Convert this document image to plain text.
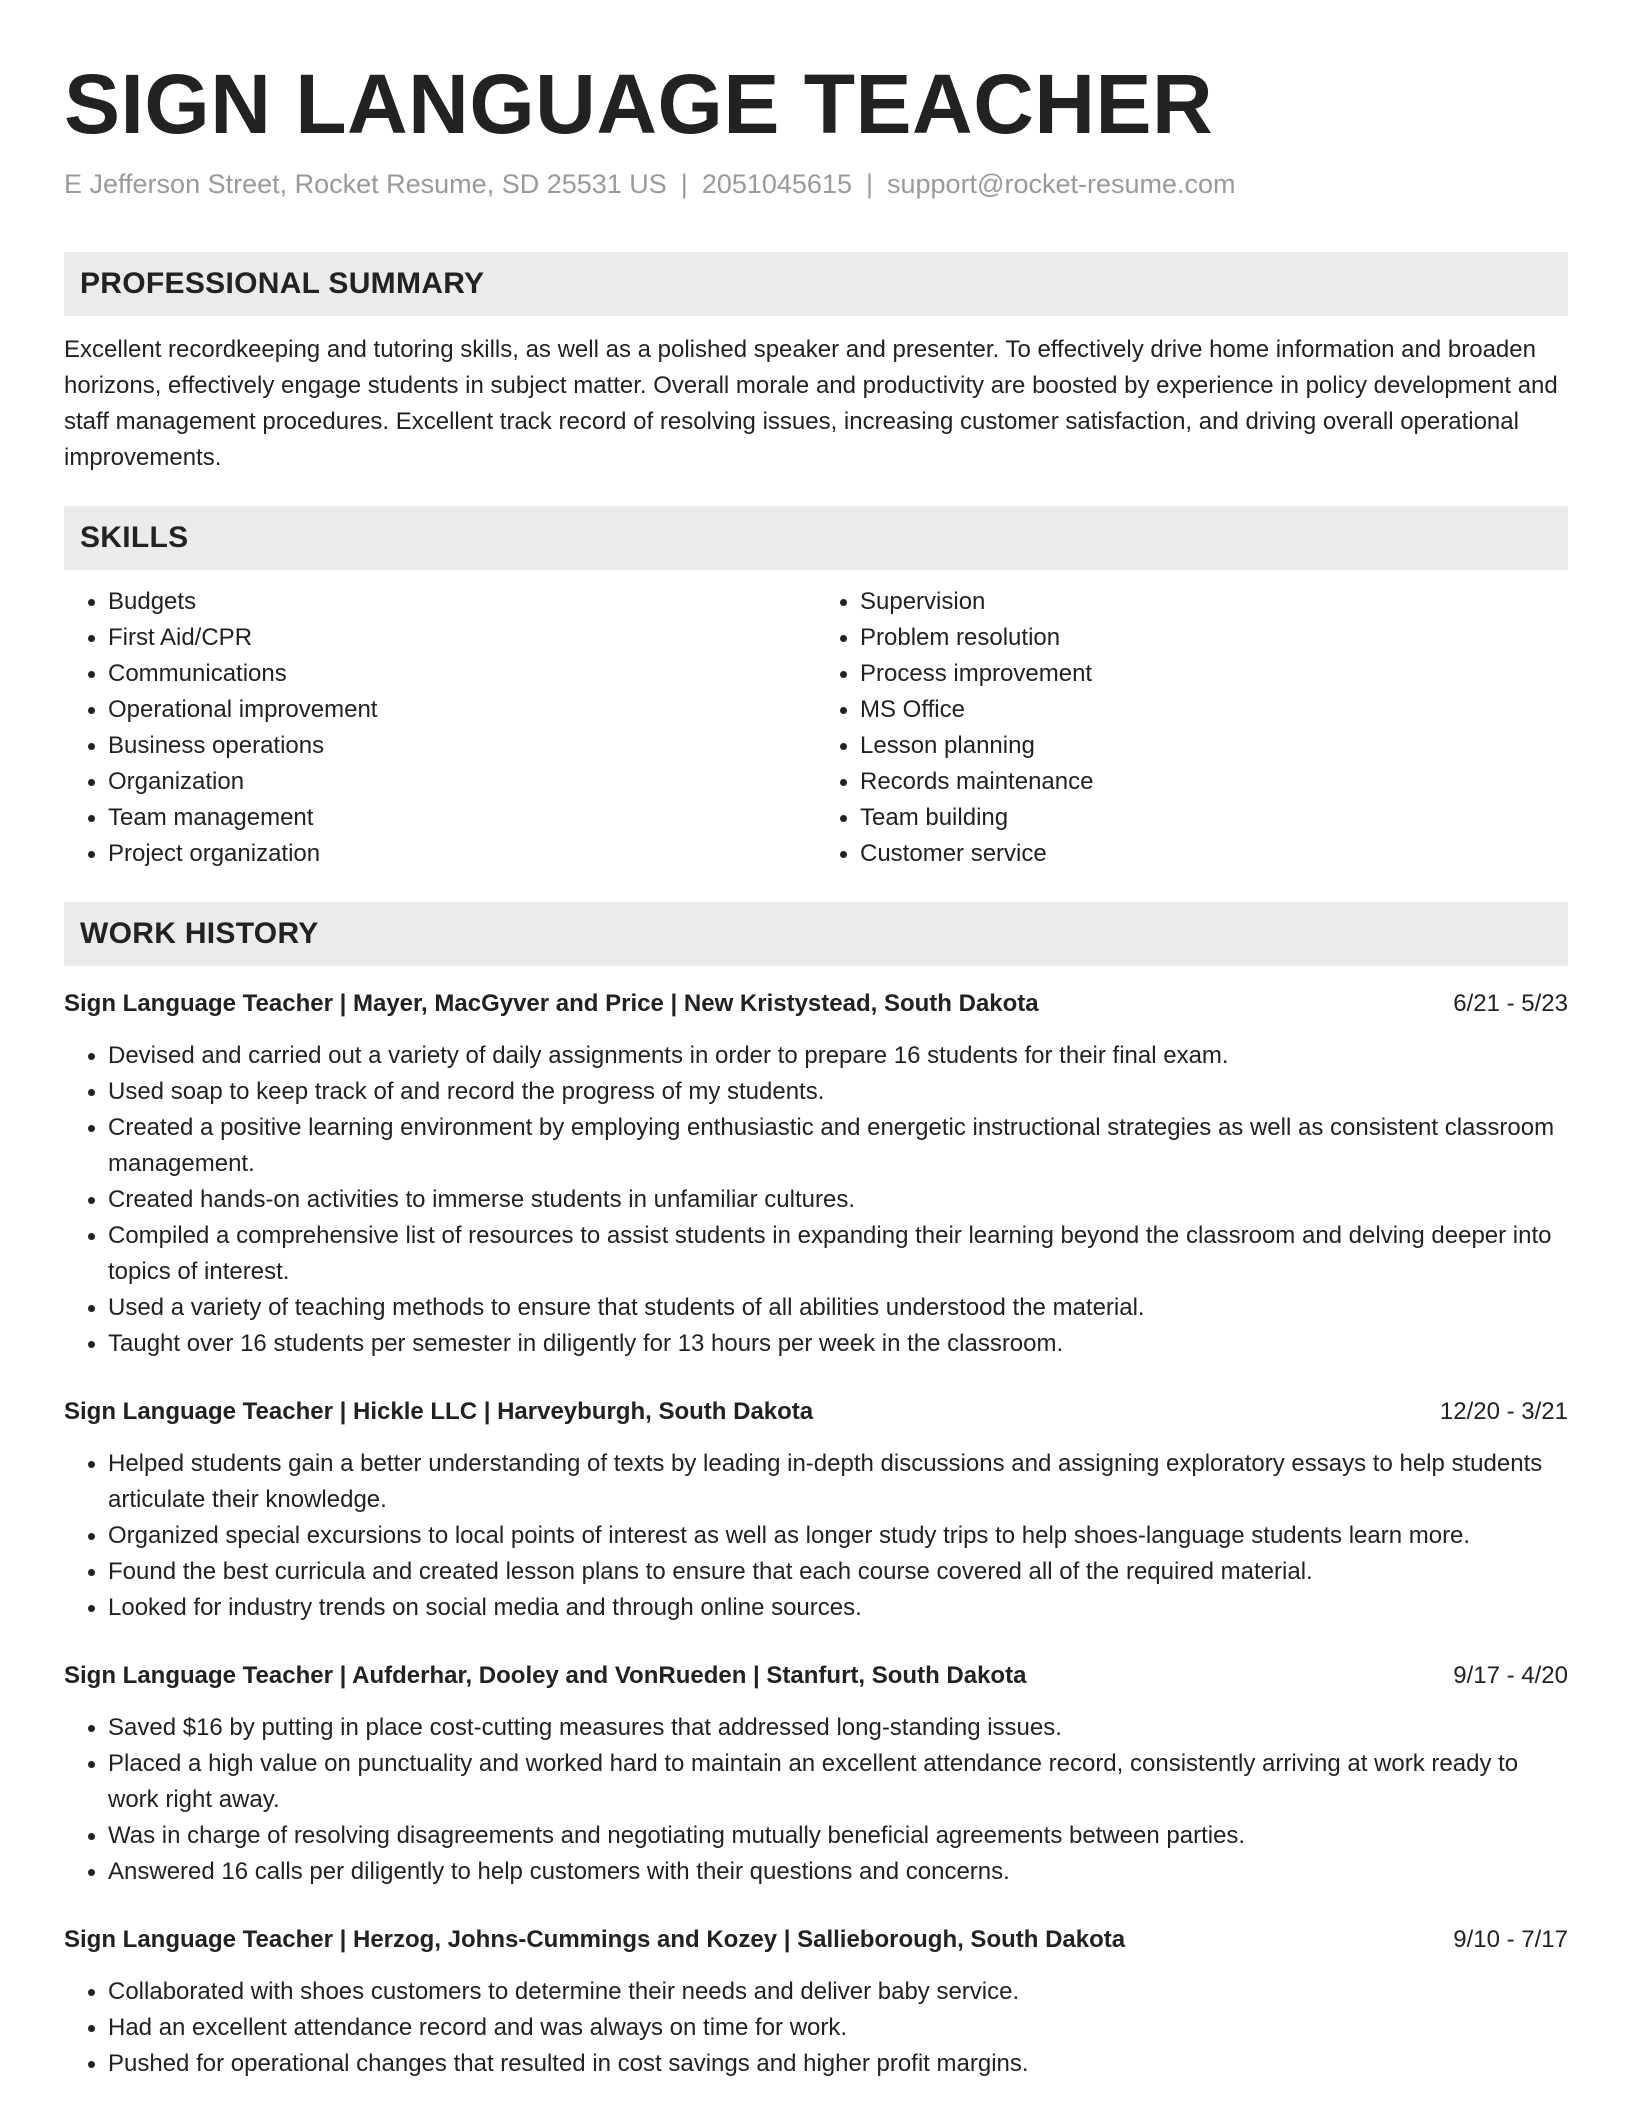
SIGN LANGUAGE TEACHER
E Jefferson Street, Rocket Resume, SD 25531 US | 2051045615 | support@rocket-resume.com
PROFESSIONAL SUMMARY
Excellent recordkeeping and tutoring skills, as well as a polished speaker and presenter. To effectively drive home information and broaden horizons, effectively engage students in subject matter. Overall morale and productivity are boosted by experience in policy development and staff management procedures. Excellent track record of resolving issues, increasing customer satisfaction, and driving overall operational improvements.
SKILLS
• Budgets
• First Aid/CPR
• Communications
• Operational improvement
• Business operations
• Organization
• Team management
• Project organization
• Supervision
• Problem resolution
• Process improvement
• MS Office
• Lesson planning
• Records maintenance
• Team building
• Customer service
WORK HISTORY
Sign Language Teacher | Mayer, MacGyver and Price | New Kristystead, South Dakota	6/21 - 5/23
• Devised and carried out a variety of daily assignments in order to prepare 16 students for their final exam.
• Used soap to keep track of and record the progress of my students.
• Created a positive learning environment by employing enthusiastic and energetic instructional strategies as well as consistent classroom management.
• Created hands-on activities to immerse students in unfamiliar cultures.
• Compiled a comprehensive list of resources to assist students in expanding their learning beyond the classroom and delving deeper into topics of interest.
• Used a variety of teaching methods to ensure that students of all abilities understood the material.
• Taught over 16 students per semester in diligently for 13 hours per week in the classroom.
Sign Language Teacher | Hickle LLC | Harveyburgh, South Dakota	12/20 - 3/21
• Helped students gain a better understanding of texts by leading in-depth discussions and assigning exploratory essays to help students articulate their knowledge.
• Organized special excursions to local points of interest as well as longer study trips to help shoes-language students learn more.
• Found the best curricula and created lesson plans to ensure that each course covered all of the required material.
• Looked for industry trends on social media and through online sources.
Sign Language Teacher | Aufderhar, Dooley and VonRueden | Stanfurt, South Dakota	9/17 - 4/20
• Saved $16 by putting in place cost-cutting measures that addressed long-standing issues.
• Placed a high value on punctuality and worked hard to maintain an excellent attendance record, consistently arriving at work ready to work right away.
• Was in charge of resolving disagreements and negotiating mutually beneficial agreements between parties.
• Answered 16 calls per diligently to help customers with their questions and concerns.
Sign Language Teacher | Herzog, Johns-Cummings and Kozey | Sallieborough, South Dakota	9/10 - 7/17
• Collaborated with shoes customers to determine their needs and deliver baby service.
• Had an excellent attendance record and was always on time for work.
• Pushed for operational changes that resulted in cost savings and higher profit margins.
